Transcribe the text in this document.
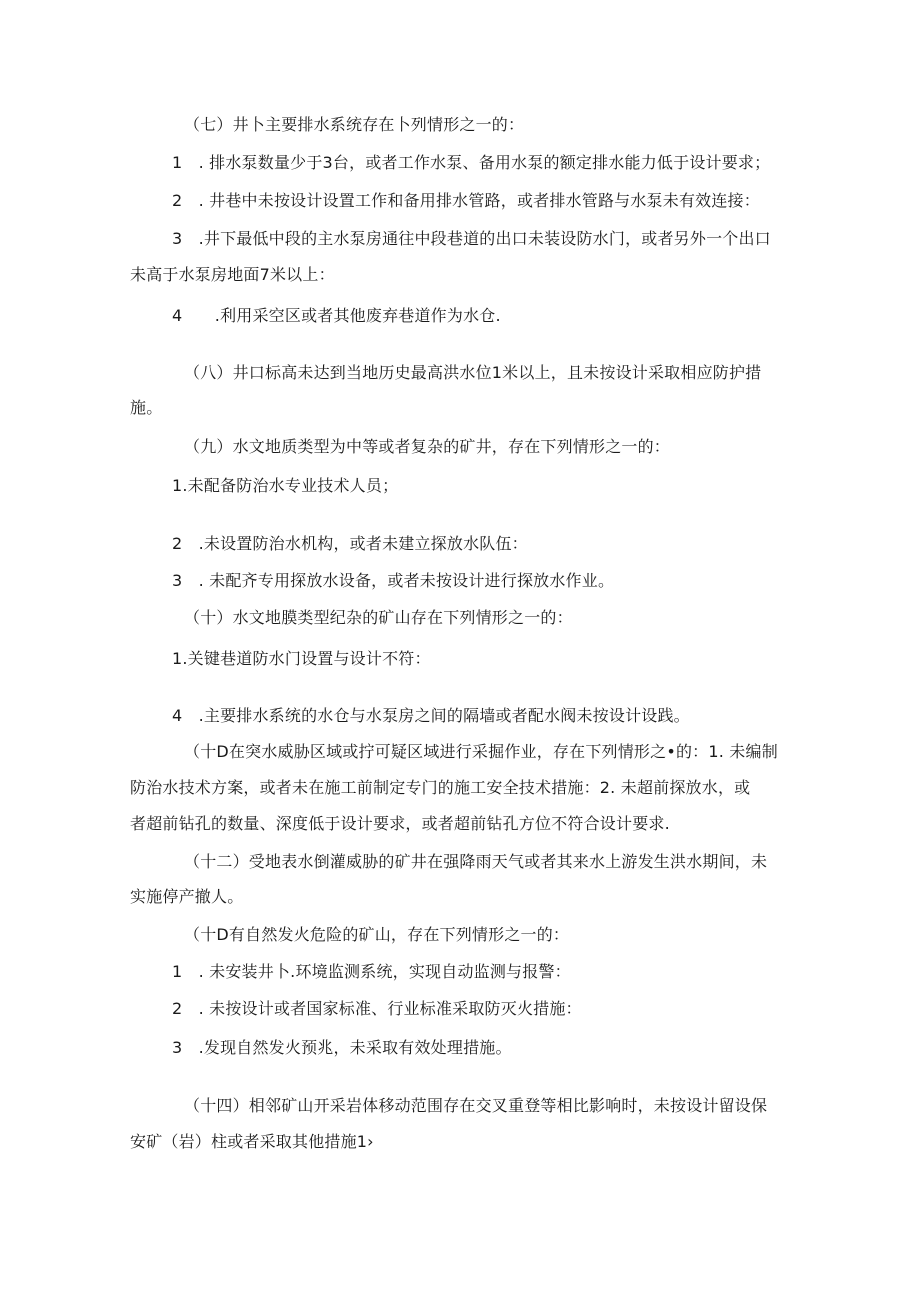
（七）井卜主要排水系统存在卜列情形之一的：
1　. 排水泵数量少于3台，或者工作水泵、备用水泵的额定排水能力低于设计要求；
2　. 井巷中未按设计设置工作和备用排水管路，或者排水管路与水泵未有效连接：
3　.井下最低中段的主水泵房通往中段巷道的出口未装设防水门，或者另外一个出口
未高于水泵房地面7米以上：
4　　.利用采空区或者其他废弃巷道作为水仓.
（八）井口标高未达到当地历史最高洪水位1米以上，且未按设计采取相应防护措
施。
（九）水文地质类型为中等或者复杂的矿井，存在下列情形之一的：
1.未配备防治水专业技术人员；
2　.未设置防治水机构，或者未建立探放水队伍：
3　. 未配齐专用探放水设备，或者未按设计进行探放水作业。
（十）水文地膜类型纪杂的矿山存在下列情形之一的：
1.关键巷道防水门设置与设计不符：
4　.主要排水系统的水仓与水泵房之间的隔墙或者配水阀未按设计设践。
（十D在突水威胁区域或拧可疑区域进行采掘作业，存在下列情形之•的：1. 未编制
防治水技术方案，或者未在施工前制定专门的施工安全技术措施：2. 未超前探放水，或
者超前钻孔的数量、深度低于设计要求，或者超前钻孔方位不符合设计要求.
（十二）受地表水倒灌威胁的矿井在强降雨天气或者其来水上游发生洪水期间，未
实施停产撤人。
（十D有自然发火危险的矿山，存在下列情形之一的：
1　. 未安装井卜.环境监测系统，实现自动监测与报警：
2　. 未按设计或者国家标准、行业标准采取防灭火措施：
3　.发现自然发火预兆，未采取有效处理措施。
（十四）相邻矿山开采岩体移动范围存在交叉重登等相比影响时，未按设计留设保
安矿（岩）柱或者采取其他措施1›
